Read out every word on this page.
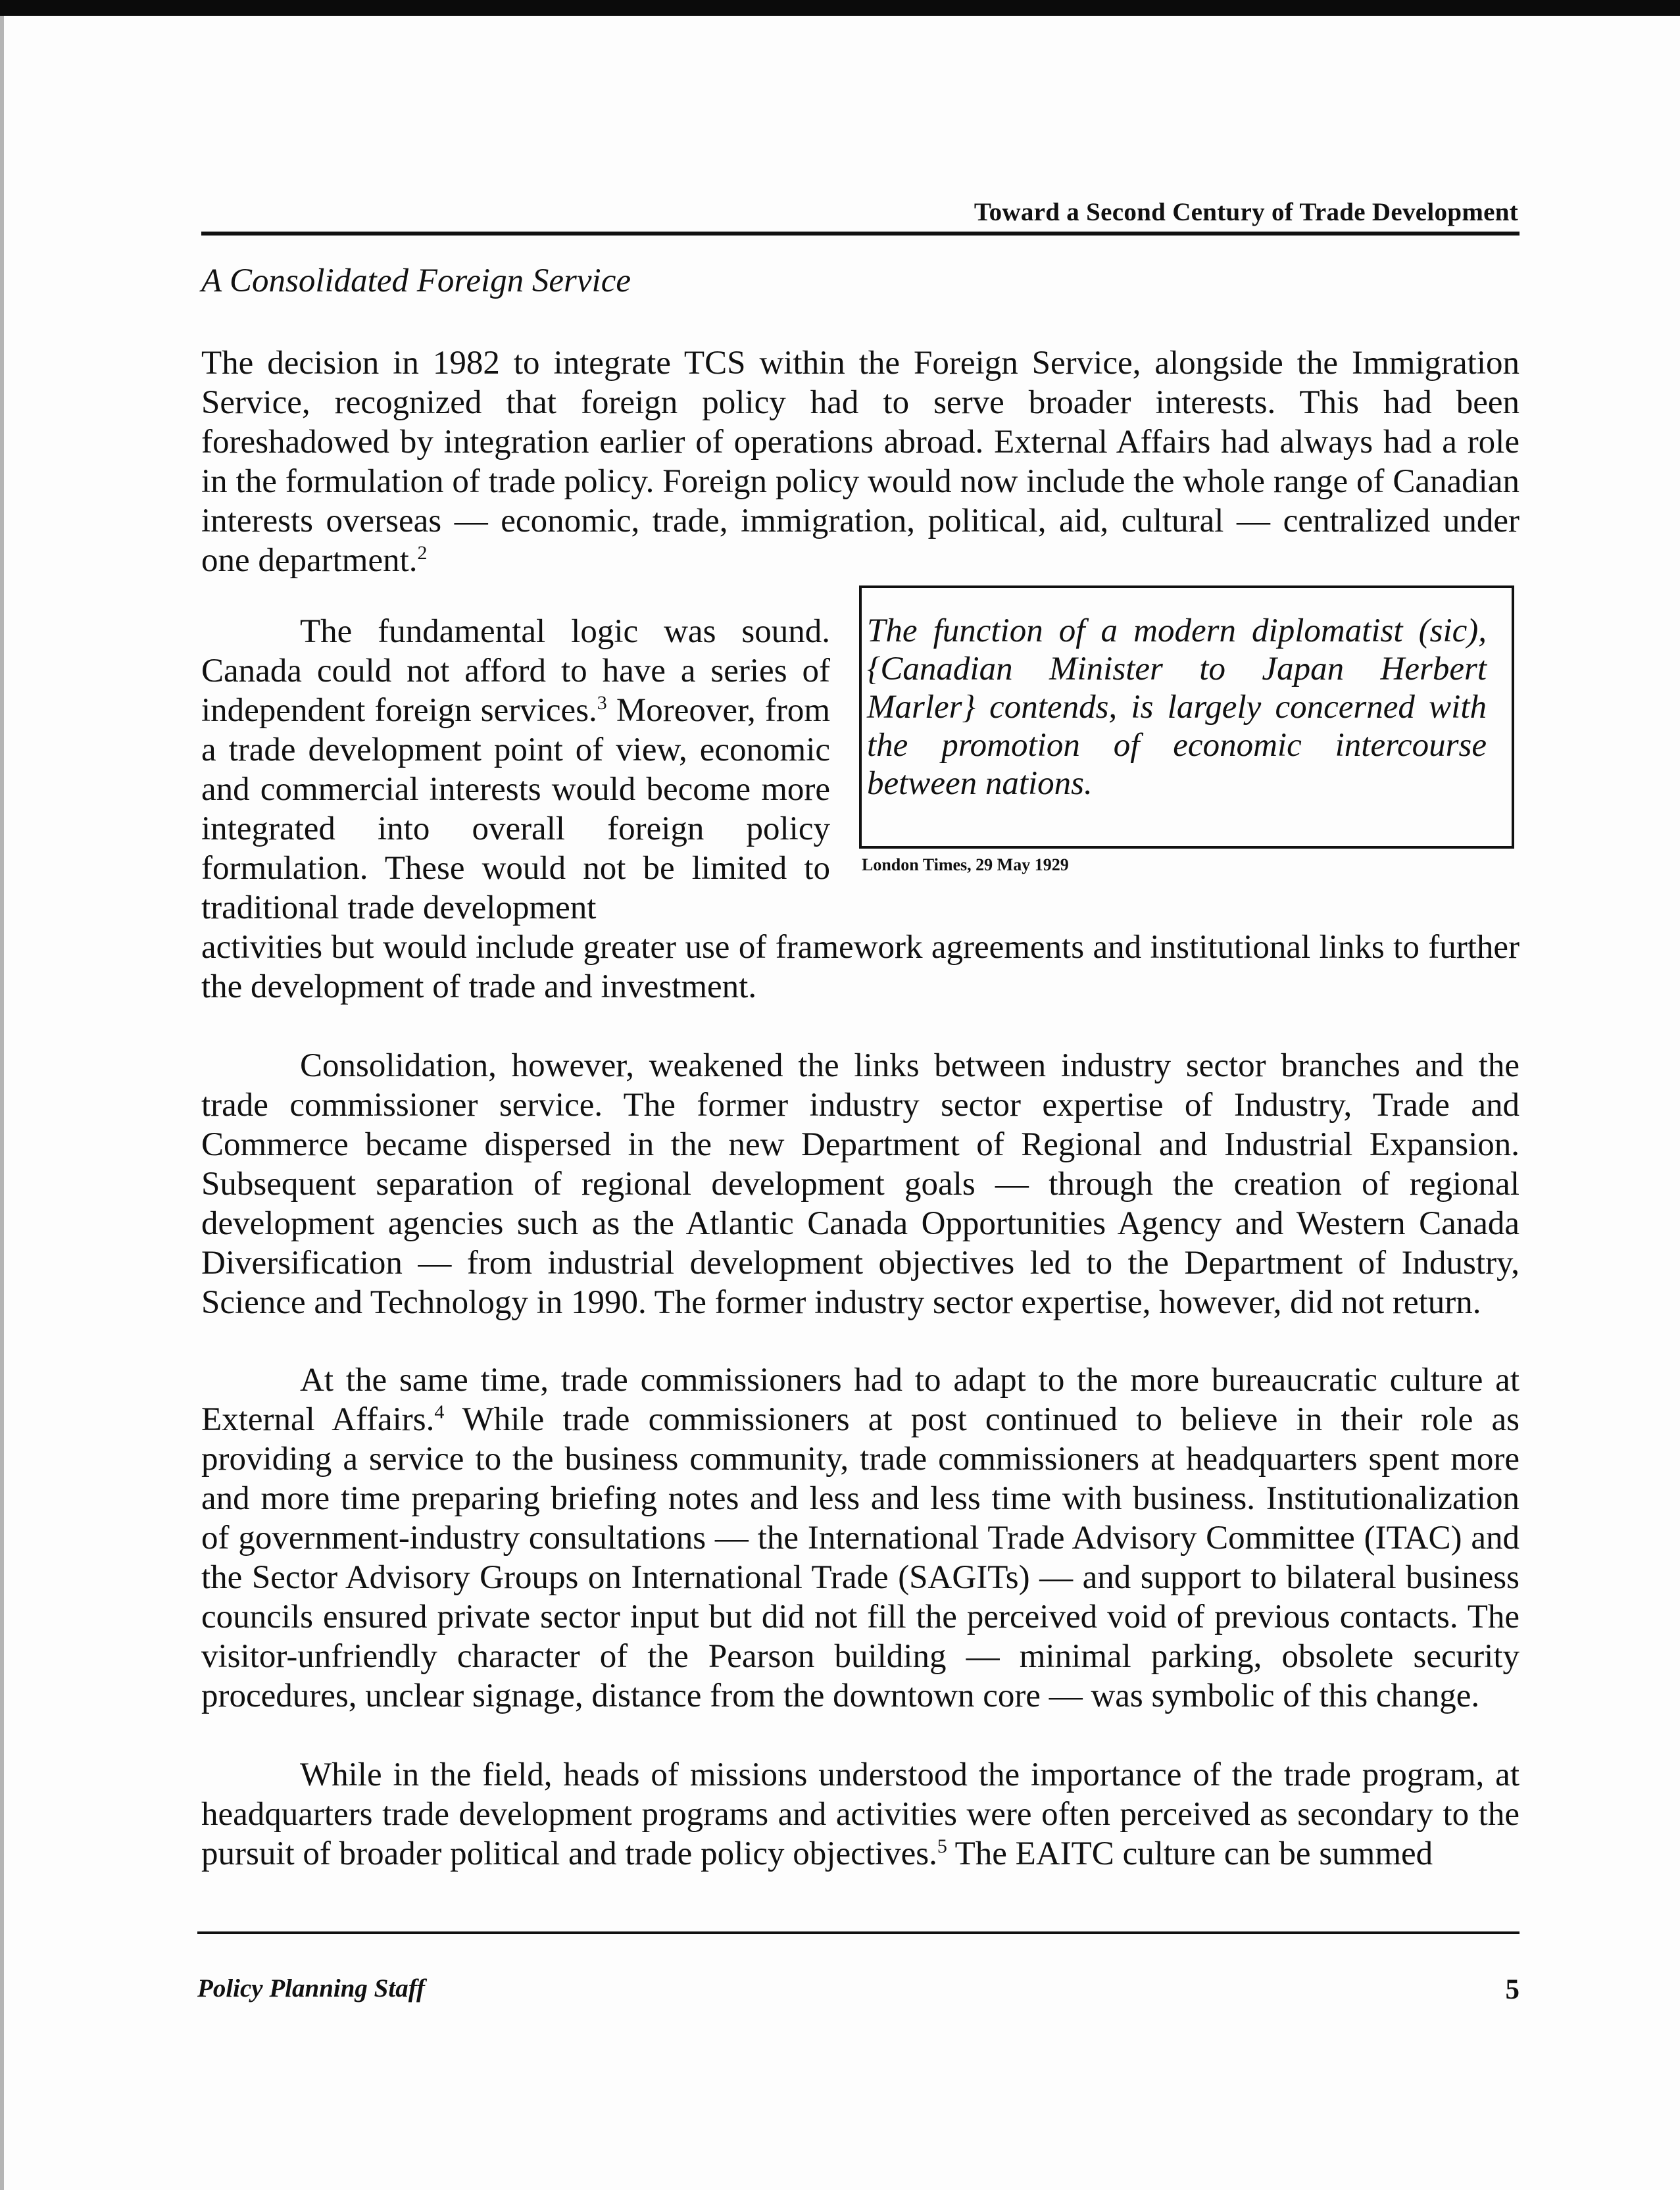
Toward a Second Century of Trade Development
A Consolidated Foreign Service

The decision in 1982 to integrate TCS within the Foreign Service, alongside the Immigration Service, recognized that foreign policy had to serve broader interests. This had been foreshadowed by integration earlier of operations abroad. External Affairs had always had a role in the formulation of trade policy. Foreign policy would now include the whole range of Canadian interests overseas — economic, trade, immigration, political, aid, cultural — centralized under one department.$^2$

The fundamental logic was sound. Canada could not afford to have a series of independent foreign services.$^3$ Moreover, from a trade development point of view, economic and commercial interests would become more integrated into overall foreign policy formulation. These would not be limited to traditional trade development

The function of a modern diplomatist (sic), {Canadian Minister to Japan Herbert Marler} contends, is largely concerned with the promotion of economic intercourse between nations.

London Times, 29 May 1929

activities but would include greater use of framework agreements and institutional links to further the development of trade and investment.

Consolidation, however, weakened the links between industry sector branches and the trade commissioner service. The former industry sector expertise of Industry, Trade and Commerce became dispersed in the new Department of Regional and Industrial Expansion. Subsequent separation of regional development goals — through the creation of regional development agencies such as the Atlantic Canada Opportunities Agency and Western Canada Diversification — from industrial development objectives led to the Department of Industry, Science and Technology in 1990. The former industry sector expertise, however, did not return.

At the same time, trade commissioners had to adapt to the more bureaucratic culture at External Affairs.$^4$ While trade commissioners at post continued to believe in their role as providing a service to the business community, trade commissioners at headquarters spent more and more time preparing briefing notes and less and less time with business. Institutionalization of government-industry consultations — the International Trade Advisory Committee (ITAC) and the Sector Advisory Groups on International Trade (SAGITs) — and support to bilateral business councils ensured private sector input but did not fill the perceived void of previous contacts. The visitor-unfriendly character of the Pearson building — minimal parking, obsolete security procedures, unclear signage, distance from the downtown core — was symbolic of this change.

While in the field, heads of missions understood the importance of the trade program, at headquarters trade development programs and activities were often perceived as secondary to the pursuit of broader political and trade policy objectives.$^5$ The EAITC culture can be summed

Policy Planning Staff	5
